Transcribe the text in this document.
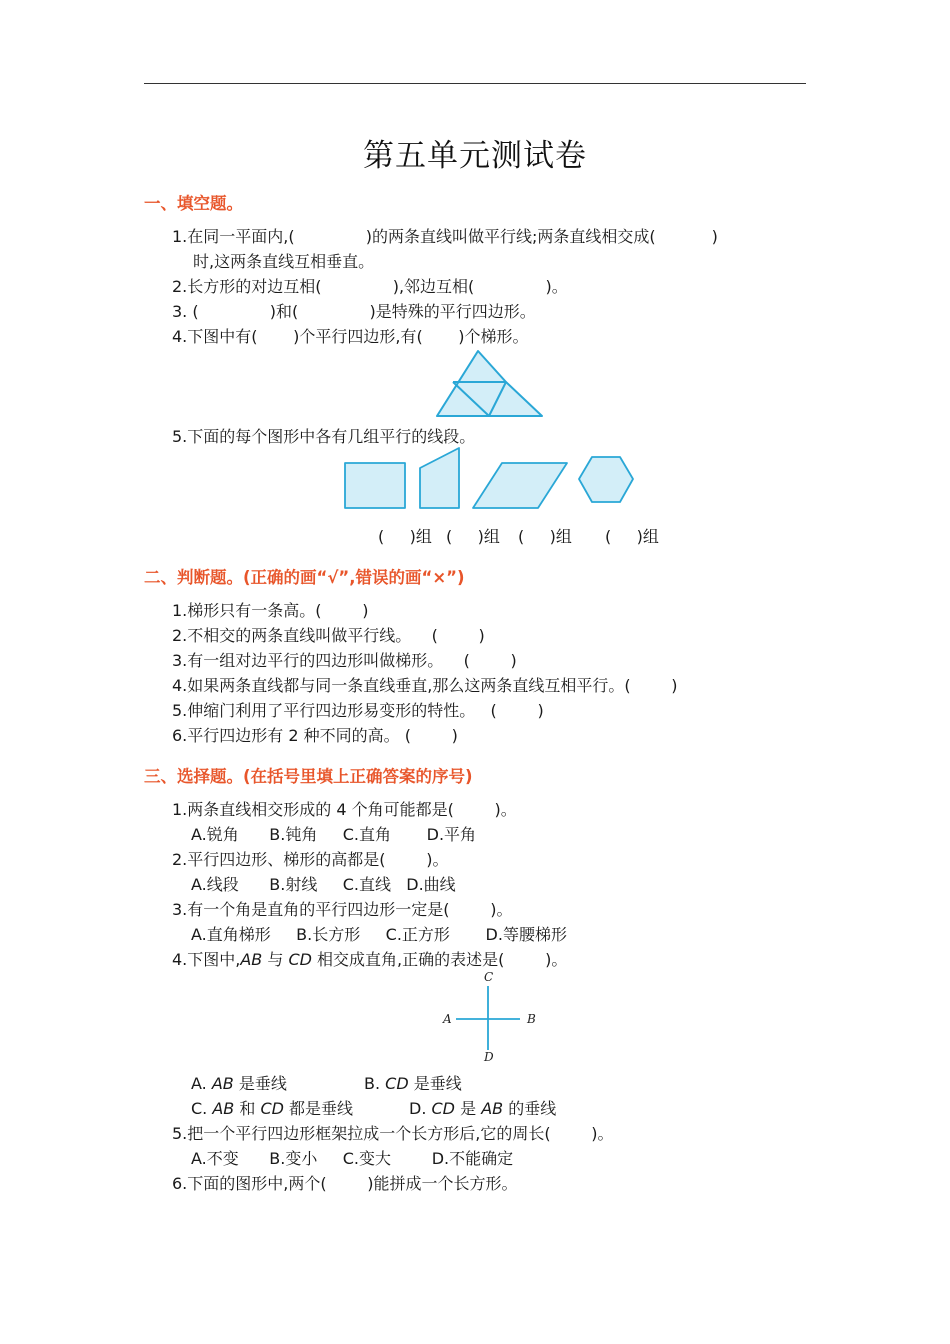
第五单元测试卷
一、填空题。
1.在同一平面内,(              )的两条直线叫做平行线;两条直线相交成(           )
时,这两条直线互相垂直。
2.长方形的对边互相(              ),邻边互相(              )。
3. (              )和(              )是特殊的平行四边形。
4.下图中有(       )个平行四边形,有(       )个梯形。
5.下面的每个图形中各有几组平行的线段。
(     )组 (     )组 (     )组 (     )组
二、判断题。(正确的画“√”,错误的画“×”)
1.梯形只有一条高。(        )
2.不相交的两条直线叫做平行线。    (        )
3.有一组对边平行的四边形叫做梯形。    (        )
4.如果两条直线都与同一条直线垂直,那么这两条直线互相平行。(        )
5.伸缩门利用了平行四边形易变形的特性。   (        )
6.平行四边形有 2 种不同的高。 (        )
三、选择题。(在括号里填上正确答案的序号)
1.两条直线相交形成的 4 个角可能都是(        )。
A.锐角      B.钝角     C.直角       D.平角
2.平行四边形、梯形的高都是(        )。
A.线段      B.射线     C.直线   D.曲线
3.有一个角是直角的平行四边形一定是(        )。
A.直角梯形     B.长方形     C.正方形       D.等腰梯形
4.下图中,AB 与 CD 相交成直角,正确的表述是(        )。
C
A	B
D
A. AB 是垂线	B. CD 是垂线
C. AB 和 CD 都是垂线	D. CD 是 AB 的垂线
5.把一个平行四边形框架拉成一个长方形后,它的周长(        )。
A.不变      B.变小     C.变大        D.不能确定
6.下面的图形中,两个(        )能拼成一个长方形。
